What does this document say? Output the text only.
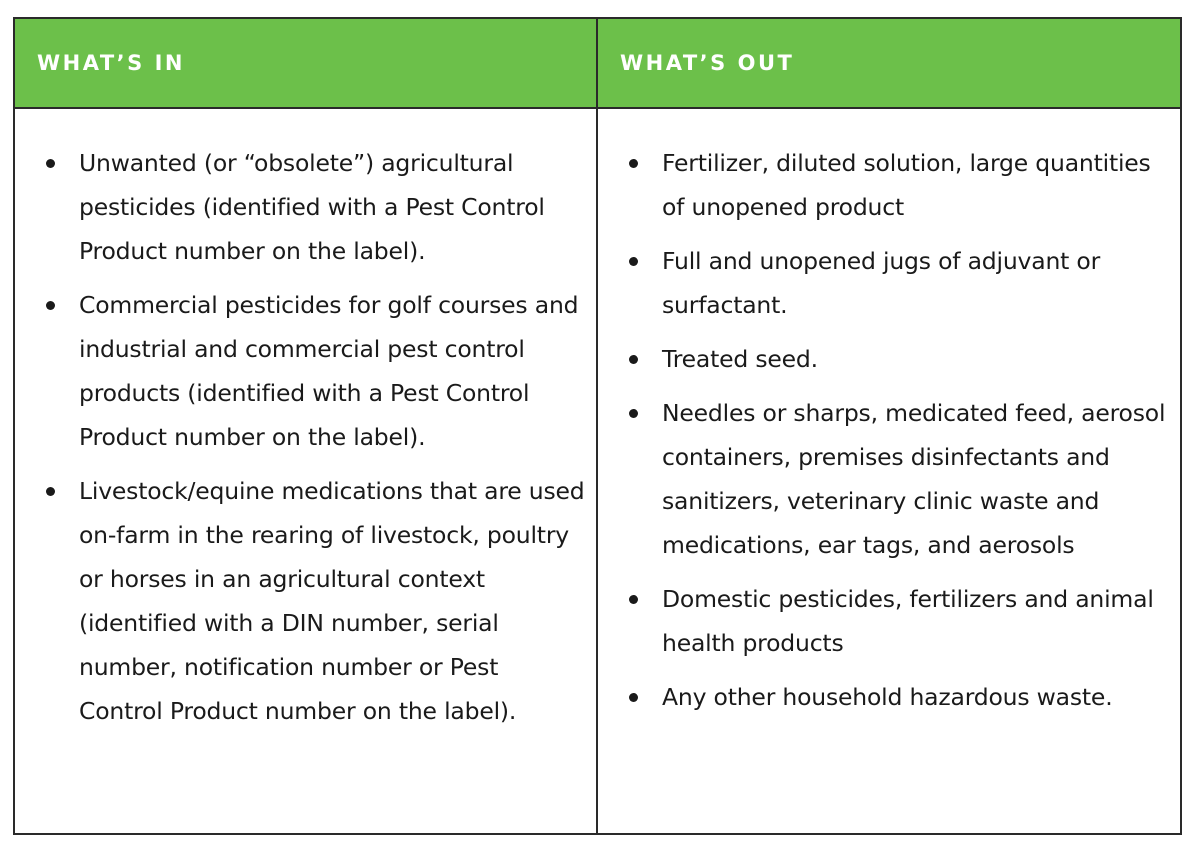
WHAT’S IN	WHAT’S OUT
Unwanted (or “obsolete”) agricultural pesticides (identified with a Pest Control Product number on the label).
Commercial pesticides for golf courses and industrial and commercial pest control products (identified with a Pest Control Product number on the label).
Livestock/equine medications that are used on-farm in the rearing of livestock, poultry or horses in an agricultural context (identified with a DIN number, serial number, notification number or Pest Control Product number on the label).
Fertilizer, diluted solution, large quantities of unopened product
Full and unopened jugs of adjuvant or surfactant.
Treated seed.
Needles or sharps, medicated feed, aerosol containers, premises disinfectants and sanitizers, veterinary clinic waste and medications, ear tags, and aerosols
Domestic pesticides, fertilizers and animal health products
Any other household hazardous waste.
